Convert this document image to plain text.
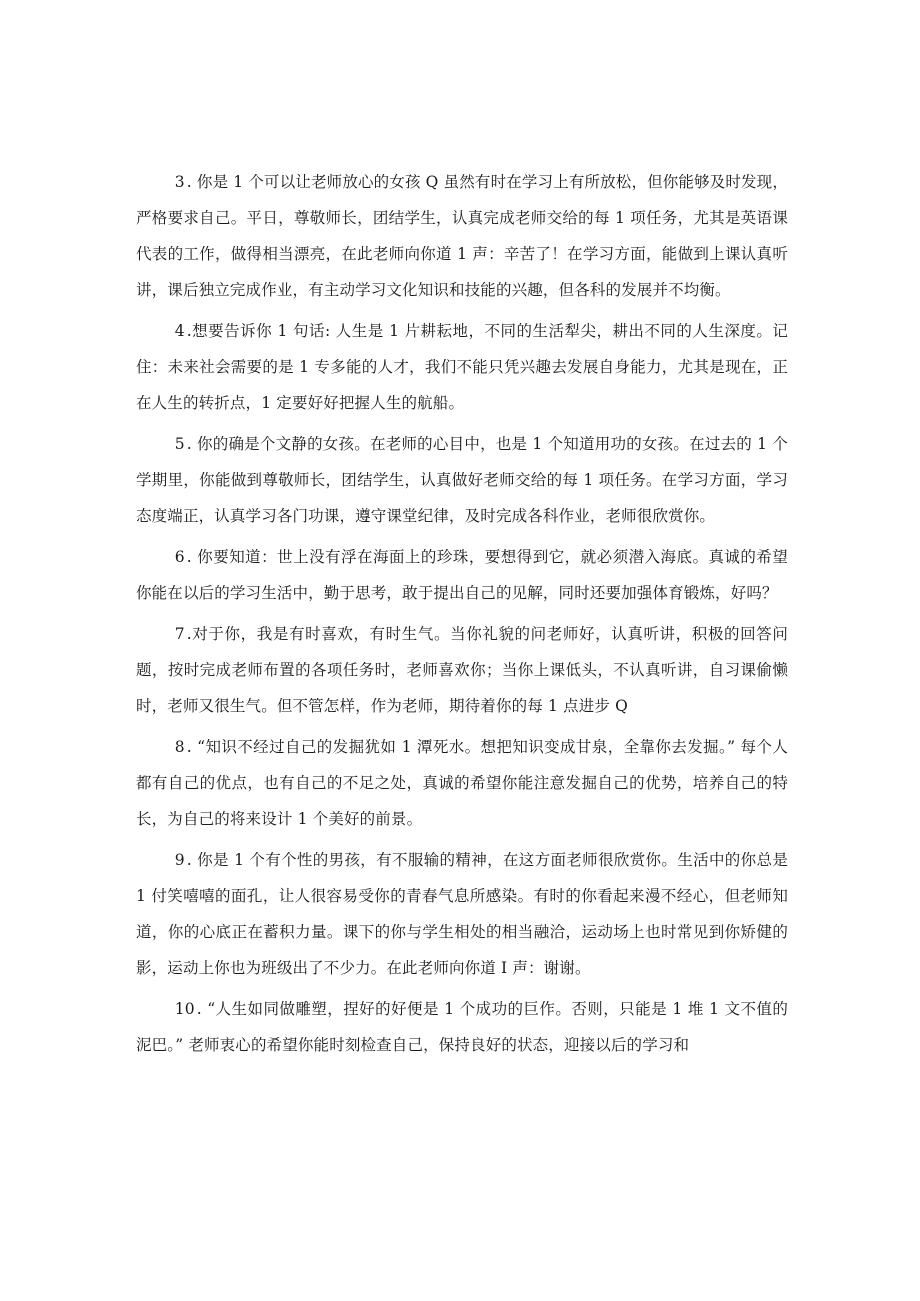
3 . 你是 1 个可以让老师放心的女孩 Q 虽然有时在学习上有所放松，但你能够及时发现，严格要求自己。平日，尊敬师长，团结学生，认真完成老师交给的每 1 项任务，尤其是英语课代表的工作，做得相当漂亮，在此老师向你道 1 声：辛苦了！在学习方面，能做到上课认真听讲，课后独立完成作业，有主动学习文化知识和技能的兴趣，但各科的发展并不均衡。

4 .想要告诉你 1 句话: 人生是 1 片耕耘地，不同的生活犁尖，耕出不同的人生深度。记住：未来社会需要的是 1 专多能的人才，我们不能只凭兴趣去发展自身能力，尤其是现在，正在人生的转折点，1 定要好好把握人生的航船。

5 . 你的确是个文静的女孩。在老师的心目中，也是 1 个知道用功的女孩。在过去的 1 个学期里，你能做到尊敬师长，团结学生，认真做好老师交给的每 1 项任务。在学习方面，学习态度端正，认真学习各门功课，遵守课堂纪律，及时完成各科作业，老师很欣赏你。

6 . 你要知道：世上没有浮在海面上的珍珠，要想得到它，就必须潜入海底。真诚的希望你能在以后的学习生活中，勤于思考，敢于提出自己的见解，同时还要加强体育锻炼，好吗？

7 .对于你，我是有时喜欢，有时生气。当你礼貌的问老师好，认真听讲，积极的回答问题，按时完成老师布置的各项任务时，老师喜欢你；当你上课低头，不认真听讲，自习课偷懒时，老师又很生气。但不管怎样，作为老师，期待着你的每 1 点进步 Q

8 . “知识不经过自己的发掘犹如 1 潭死水。想把知识变成甘泉，全靠你去发掘。” 每个人都有自己的优点，也有自己的不足之处，真诚的希望你能注意发掘自己的优势，培养自己的特长，为自己的将来设计 1 个美好的前景。

9 . 你是 1 个有个性的男孩，有不服输的精神，在这方面老师很欣赏你。生活中的你总是 1 付笑嘻嘻的面孔，让人很容易受你的青春气息所感染。有时的你看起来漫不经心，但老师知道，你的心底正在蓄积力量。课下的你与学生相处的相当融洽，运动场上也时常见到你矫健的影，运动上你也为班级出了不少力。在此老师向你道 I 声：谢谢。

10 . “人生如同做雕塑，捏好的好便是 1 个成功的巨作。否则，只能是 1 堆 1 文不值的泥巴。” 老师衷心的希望你能时刻检查自己，保持良好的状态，迎接以后的学习和
